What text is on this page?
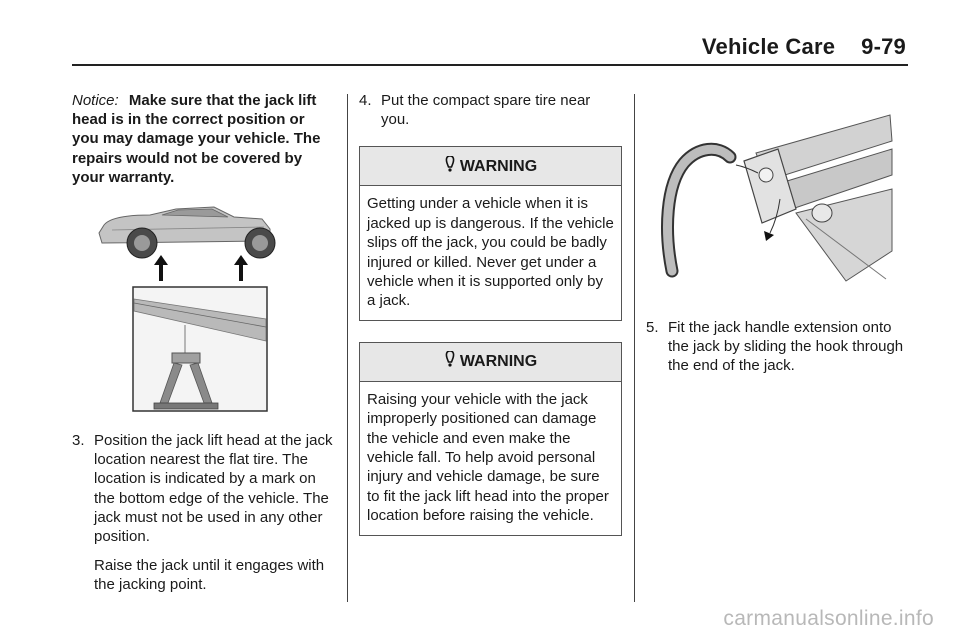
Vehicle Care 9-79

Notice: Make sure that the jack lift head is in the correct position or you may damage your vehicle. The repairs would not be covered by your warranty.

3. Position the jack lift head at the jack location nearest the flat tire. The location is indicated by a mark on the bottom edge of the vehicle. The jack must not be used in any other position.

Raise the jack until it engages with the jacking point.

4. Put the compact spare tire near you.
WARNING
Getting under a vehicle when it is jacked up is dangerous. If the vehicle slips off the jack, you could be badly injured or killed. Never get under a vehicle when it is supported only by a jack.
WARNING
Raising your vehicle with the jack improperly positioned can damage the vehicle and even make the vehicle fall. To help avoid personal injury and vehicle damage, be sure to fit the jack lift head into the proper location before raising the vehicle.
5. Fit the jack handle extension onto the jack by sliding the hook through the end of the jack.
carmanualsonline.info
